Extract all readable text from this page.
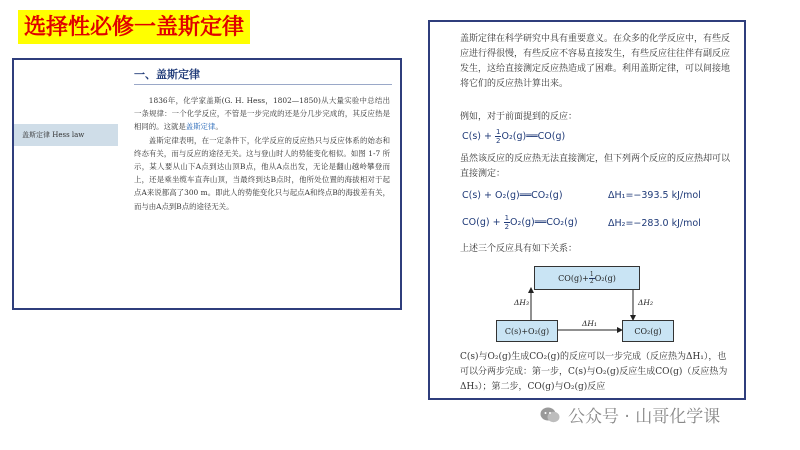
选择性必修一盖斯定律
一、盖斯定律
盖斯定律 Hess law

1836年，化学家盖斯(G. H. Hess，1802—1850)从大量实验中总结出一条规律：一个化学反应，不管是一步完成的还是分几步完成的，其反应热是相同的。这就是盖斯定律。

盖斯定律表明，在一定条件下，化学反应的反应热只与反应体系的始态和终态有关，而与反应的途径无关。这与登山时人的势能变化相似。如图 1-7 所示，某人要从山下A点到达山顶B点，他从A点出发，无论是翻山越岭攀登而上，还是乘坐缆车直奔山顶，当最终到达B点时，他所处位置的海拔相对于起点A来说都高了300 m。即此人的势能变化只与起点A和终点B的海拔差有关，而与由A点到B点的途径无关。

盖斯定律在科学研究中具有重要意义。在众多的化学反应中，有些反应进行得很慢，有些反应不容易直接发生，有些反应往往伴有副反应发生，这给直接测定反应热造成了困难。利用盖斯定律，可以间接地将它们的反应热计算出来。
例如，对于前面提到的反应：
$C(s) + \frac{1}{2}$ O₂(g)══CO(g)
虽然该反应的反应热无法直接测定，但下列两个反应的反应热却可以直接测定：
C(s) + O₂(g)══CO₂(g)	ΔH₁=−393.5 kJ/mol
$CO(g) + \frac{1}{2}$ O₂(g)══CO₂(g)	ΔH₂=−283.0 kJ/mol
上述三个反应具有如下关系：
$CO(g)+ \frac{1}{2} O_2(g)$
C(s)+O₂(g)	CO₂(g)
ΔH₃	ΔH₂
ΔH₁
C(s)与O₂(g)生成CO₂(g)的反应可以一步完成（反应热为ΔH₁），也可以分两步完成：第一步，C(s)与O₂(g)反应生成CO(g)（反应热为ΔH₃）；第二步，CO(g)与O₂(g)反应
公众号 · 山哥化学课
